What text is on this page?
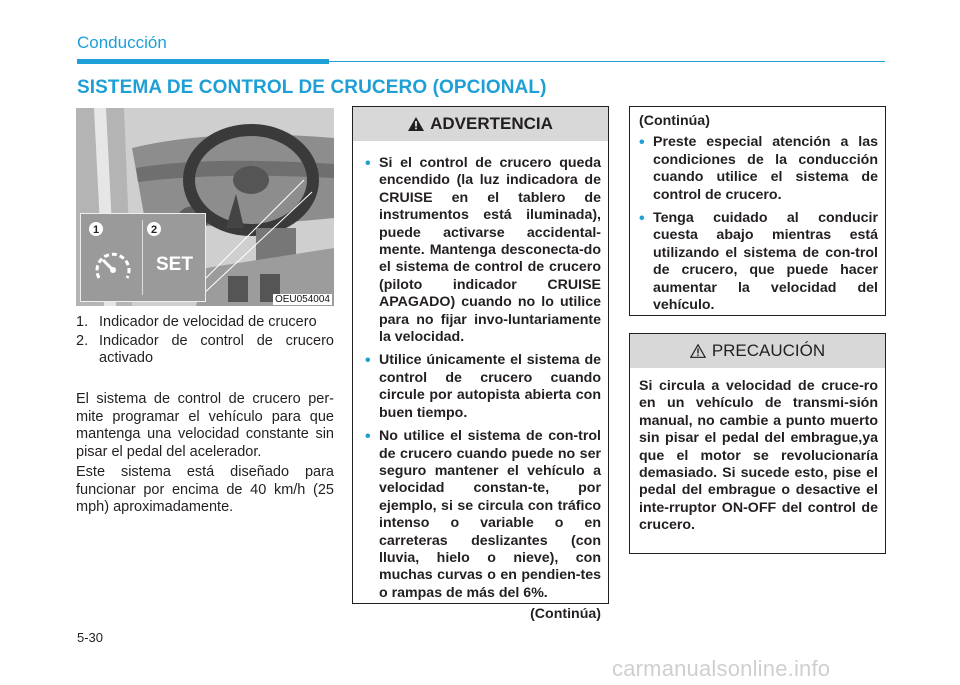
Conducción
SISTEMA DE CONTROL DE CRUCERO (OPCIONAL)
1	2
SET
OEU054004
1. Indicador de velocidad de crucero
2. Indicador de control de crucero activado

El sistema de control de crucero per-mite programar el vehículo para que mantenga una velocidad constante sin pisar el pedal del acelerador.

Este sistema está diseñado para funcionar por encima de 40 km/h (25 mph) aproximadamente.

ADVERTENCIA
• Si el control de crucero queda encendido (la luz indicadora de CRUISE en el tablero de instrumentos está iluminada), puede activarse accidental-mente. Mantenga desconecta-do el sistema de control de crucero (piloto indicador CRUISE APAGADO) cuando no lo utilice para no fijar invo-luntariamente la velocidad.
• Utilice únicamente el sistema de control de crucero cuando circule por autopista abierta con buen tiempo.
• No utilice el sistema de con-trol de crucero cuando puede no ser seguro mantener el vehículo a velocidad constan-te, por ejemplo, si se circula con tráfico intenso o variable o en carreteras deslizantes (con lluvia, hielo o nieve), con muchas curvas o en pendien-tes o rampas de más del 6%.
(Continúa)
(Continúa)
• Preste especial atención a las condiciones de la conducción cuando utilice el sistema de control de crucero.
• Tenga cuidado al conducir cuesta abajo mientras está utilizando el sistema de con-trol de crucero, que puede hacer aumentar la velocidad del vehículo.
PRECAUCIÓN

Si circula a velocidad de cruce-ro en un vehículo de transmi-sión manual, no cambie a punto muerto sin pisar el pedal del embrague,ya que el motor se revolucionaría demasiado. Si sucede esto, pise el pedal del embrague o desactive el inte-rruptor ON-OFF del control de crucero.

5-30
carmanualsonline.info
